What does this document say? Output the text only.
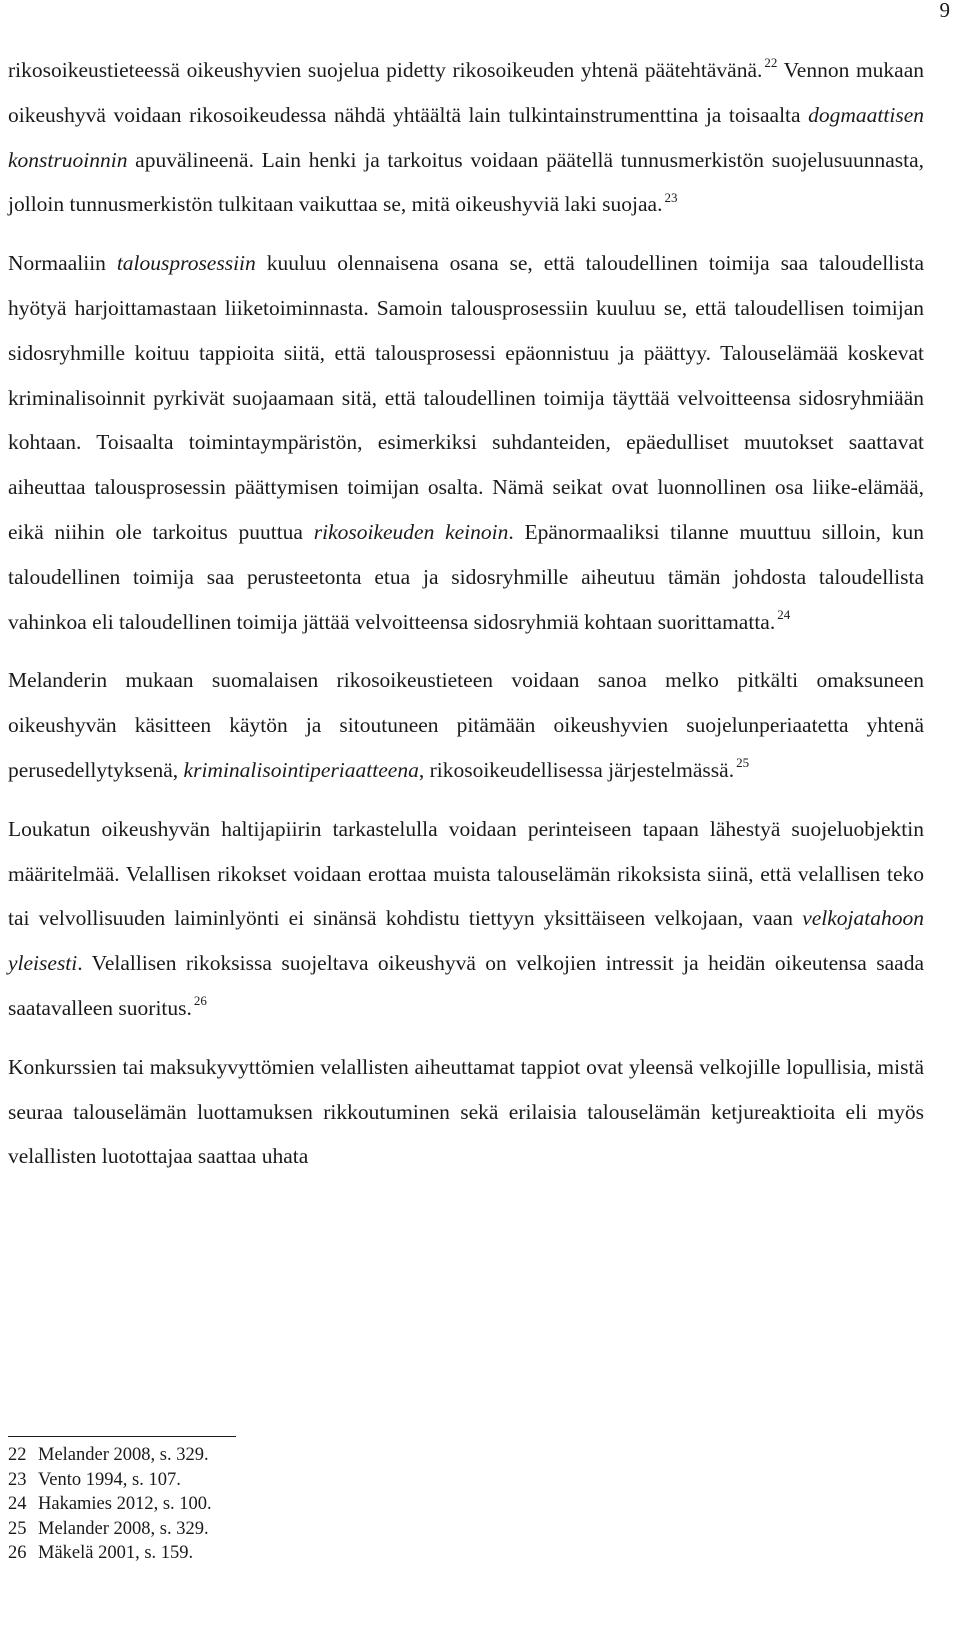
9

rikosoikeustieteessä oikeushyvien suojelua pidetty rikosoikeuden yhtenä päätehtävänä. $^{22}$ Vennon mukaan oikeushyvä voidaan rikosoikeudessa nähdä yhtäältä lain tulkintainstrumenttina ja toisaalta dogmaattisen konstruoinnin apuvälineenä. Lain henki ja tarkoitus voidaan päätellä tunnusmerkistön suojelusuunnasta, jolloin tunnusmerkistön tulkitaan vaikuttaa se, mitä oikeushyviä laki suojaa. $^{23}$

Normaaliin talousprosessiin kuuluu olennaisena osana se, että taloudellinen toimija saa taloudellista hyötyä harjoittamastaan liiketoiminnasta. Samoin talousprosessiin kuuluu se, että taloudellisen toimijan sidosryhmille koituu tappioita siitä, että talousprosessi epäonnistuu ja päättyy. Talouselämää koskevat kriminalisoinnit pyrkivät suojaamaan sitä, että taloudellinen toimija täyttää velvoitteensa sidosryhmiään kohtaan. Toisaalta toimintaympäristön, esimerkiksi suhdanteiden, epäedulliset muutokset saattavat aiheuttaa talousprosessin päättymisen toimijan osalta. Nämä seikat ovat luonnollinen osa liike-elämää, eikä niihin ole tarkoitus puuttua rikosoikeuden keinoin. Epänormaaliksi tilanne muuttuu silloin, kun taloudellinen toimija saa perusteetonta etua ja sidosryhmille aiheutuu tämän johdosta taloudellista vahinkoa eli taloudellinen toimija jättää velvoitteensa sidosryhmiä kohtaan suorittamatta. $^{24}$

Melanderin mukaan suomalaisen rikosoikeustieteen voidaan sanoa melko pitkälti omaksuneen oikeushyvän käsitteen käytön ja sitoutuneen pitämään oikeushyvien suojelunperiaatetta yhtenä perusedellytyksenä, kriminalisointiperiaatteena, rikosoikeudellisessa järjestelmässä. $^{25}$

Loukatun oikeushyvän haltijapiirin tarkastelulla voidaan perinteiseen tapaan lähestyä suojeluobjektin määritelmää. Velallisen rikokset voidaan erottaa muista talouselämän rikoksista siinä, että velallisen teko tai velvollisuuden laiminlyönti ei sinänsä kohdistu tiettyyn yksittäiseen velkojaan, vaan velkojatahoon yleisesti. Velallisen rikoksissa suojeltava oikeushyvä on velkojien intressit ja heidän oikeutensa saada saatavalleen suoritus. $^{26}$

Konkurssien tai maksukyvyttömien velallisten aiheuttamat tappiot ovat yleensä velkojille lopullisia, mistä seuraa talouselämän luottamuksen rikkoutuminen sekä erilaisia talouselämän ketjureaktioita eli myös velallisten luotottajaa saattaa uhata

22 Melander 2008, s. 329.
23 Vento 1994, s. 107.
24 Hakamies 2012, s. 100.
25 Melander 2008, s. 329.
26 Mäkelä 2001, s. 159.
